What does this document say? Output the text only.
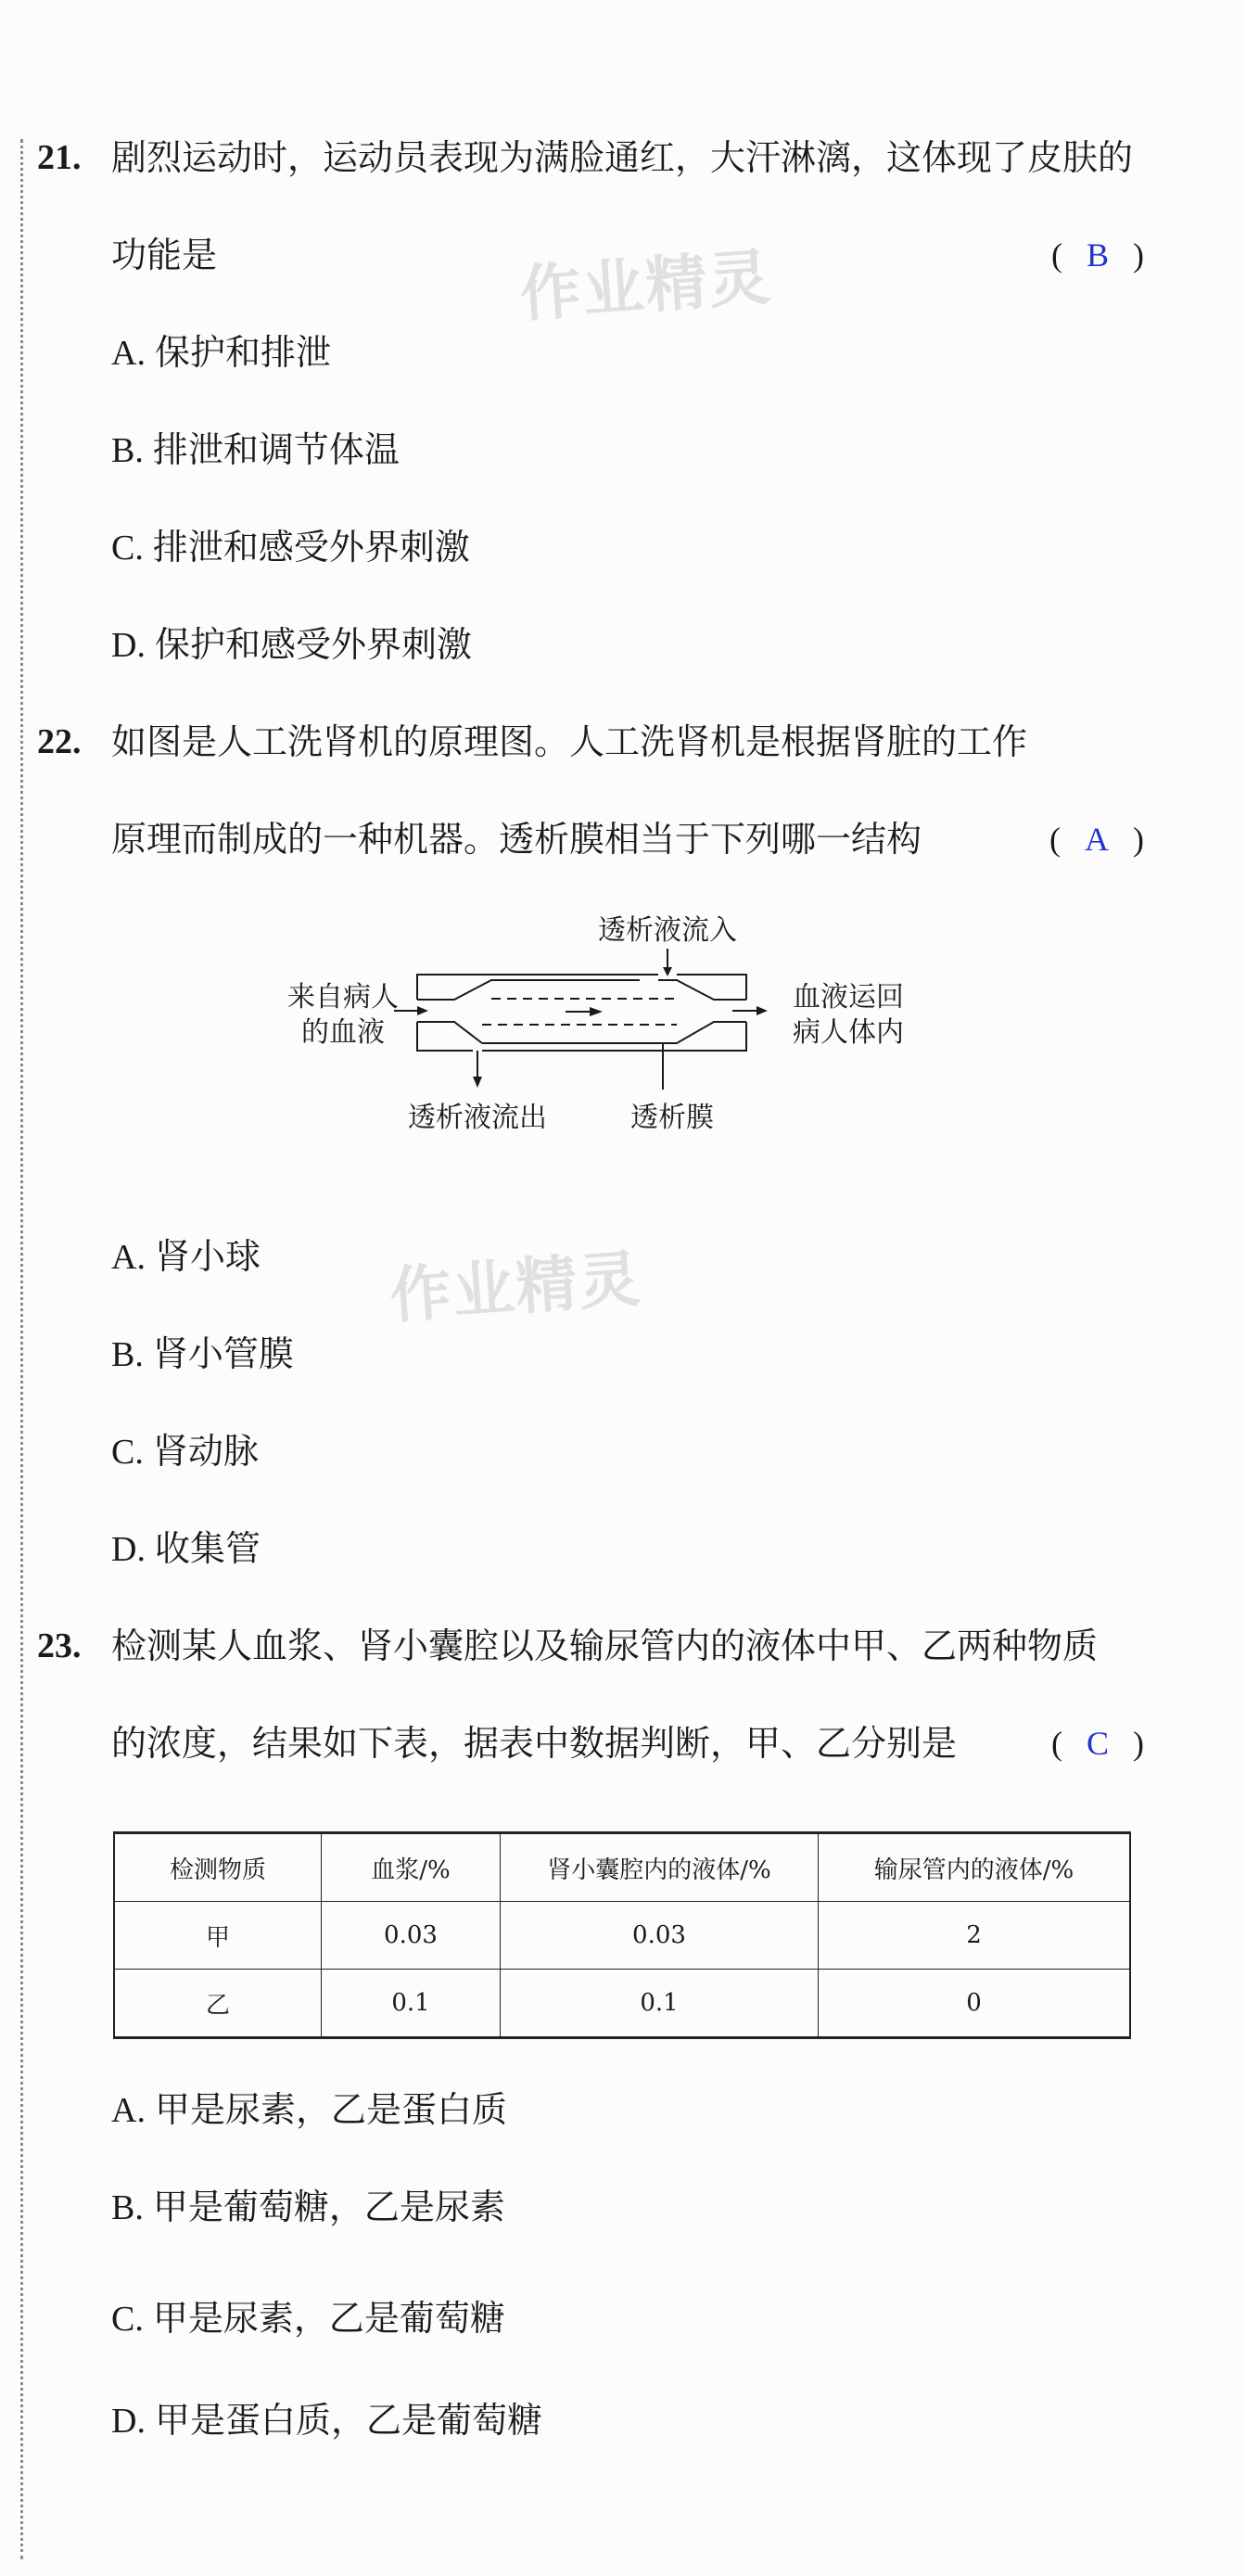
21. 剧烈运动时，运动员表现为满脸通红，大汗淋漓，这体现了皮肤的
功能是	( B )
A. 保护和排泄
B. 排泄和调节体温
C. 排泄和感受外界刺激
D. 保护和感受外界刺激
作业精灵
22. 如图是人工洗肾机的原理图。人工洗肾机是根据肾脏的工作
原理而制成的一种机器。透析膜相当于下列哪一结构	( A )
透析液流入
来自病人
的血液
血液运回
病人体内
透析液流出	透析膜
A. 肾小球
B. 肾小管膜
C. 肾动脉
D. 收集管
作业精灵
23. 检测某人血浆、肾小囊腔以及输尿管内的液体中甲、乙两种物质
的浓度，结果如下表，据表中数据判断，甲、乙分别是	( C )
检测物质	血浆/%	肾小囊腔内的液体/%	输尿管内的液体/%
甲	0.03	0.03	2
乙	0.1	0.1	0
A. 甲是尿素，乙是蛋白质
B. 甲是葡萄糖，乙是尿素
C. 甲是尿素，乙是葡萄糖
D. 甲是蛋白质，乙是葡萄糖
